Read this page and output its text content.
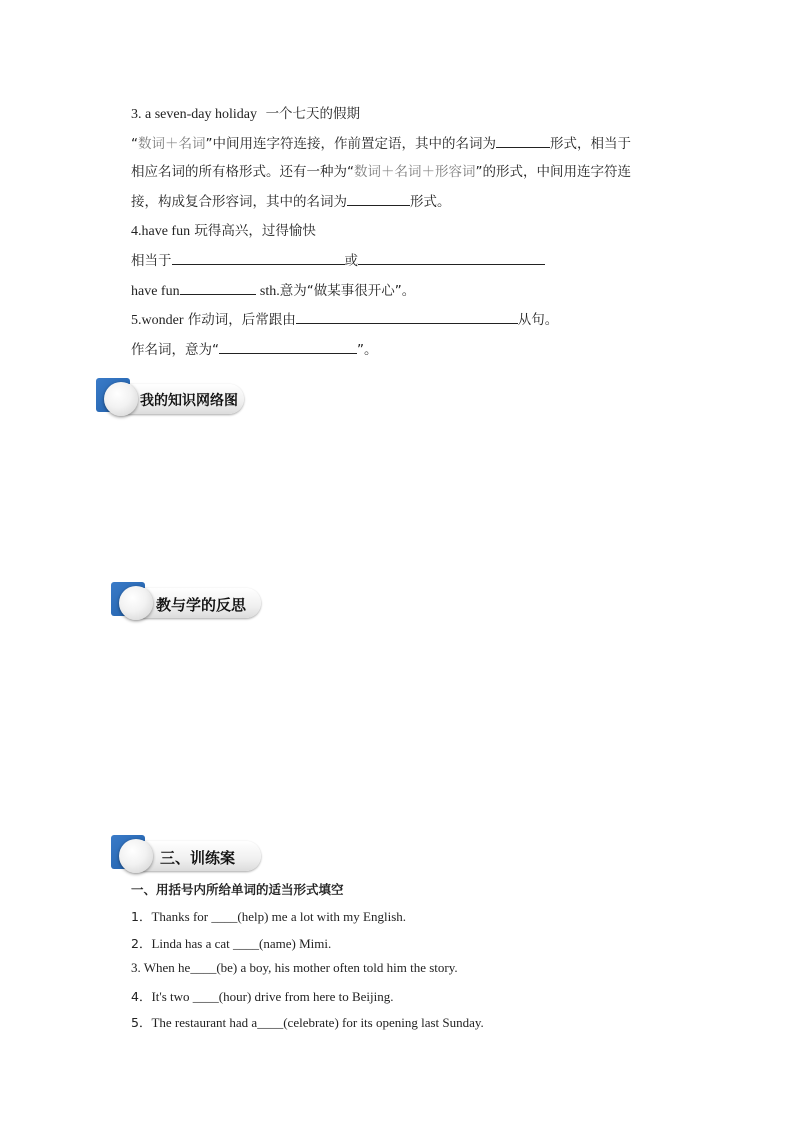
3. a seven-day holiday 一个七天的假期
“数词＋名词”中间用连字符连接，作前置定语，其中的名词为	形式，相当于
相应名词的所有格形式。还有一种为“数词＋名词＋形容词”的形式，中间用连字符连
接，构成复合形容词，其中的名词为	形式。
4.have fun 玩得高兴，过得愉快
相当于	或
have fun	sth.意为“做某事很开心”。
5.wonder 作动词，后常跟由	从句。
作名词，意为“	”。
我的知识网络图
教与学的反思
三、训练案
一、用括号内所给单词的适当形式填空
1．Thanks for ____(help) me a lot with my English.
2．Linda has a cat ____(name) Mimi.
3. When he____(be) a boy, his mother often told him the story.
4．It's two ____(hour) drive from here to Beijing.
5．The restaurant had a____(celebrate) for its opening last Sunday.
